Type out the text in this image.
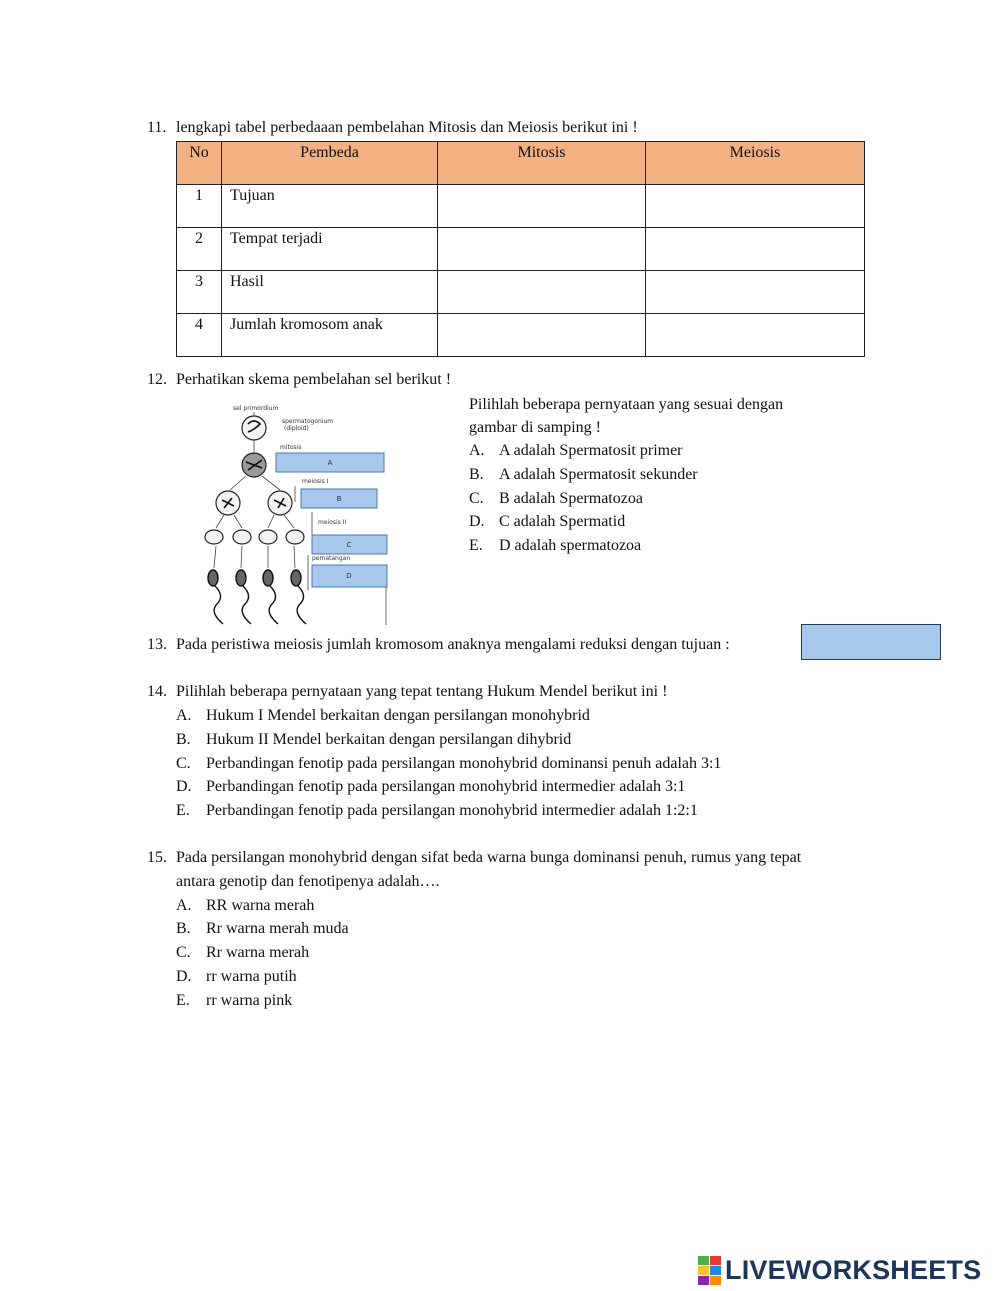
11. lengkapi tabel perbedaaan pembelahan Mitosis dan Meiosis berikut ini !
No	Pembeda	Mitosis	Meiosis
1	Tujuan		
2	Tempat terjadi		
3	Hasil		
4	Jumlah kromosom anak		
12. Perhatikan skema pembelahan sel berikut !
sel primordium
spermatogonium
(diploid)
mitosis
meiosis I
meiosis II
pematangan
A
B
C
D
Pilihlah beberapa pernyataan yang sesuai dengan
gambar di samping !
A. A adalah Spermatosit primer
B. A adalah Spermatosit sekunder
C. B adalah Spermatozoa
D. C adalah Spermatid
E. D adalah spermatozoa
13. Pada peristiwa meiosis jumlah kromosom anaknya mengalami reduksi dengan tujuan :
14. Pilihlah beberapa pernyataan yang tepat tentang Hukum Mendel berikut ini !
A. Hukum I Mendel berkaitan dengan persilangan monohybrid
B. Hukum II Mendel berkaitan dengan persilangan dihybrid
C. Perbandingan fenotip pada persilangan monohybrid dominansi penuh adalah 3:1
D. Perbandingan fenotip pada persilangan monohybrid intermedier adalah 3:1
E. Perbandingan fenotip pada persilangan monohybrid intermedier adalah 1:2:1
15. Pada persilangan monohybrid dengan sifat beda warna bunga dominansi penuh, rumus yang tepat
antara genotip dan fenotipenya adalah….
A. RR warna merah
B. Rr warna merah muda
C. Rr warna merah
D. rr warna putih
E. rr warna pink
LIVEWORKSHEETS
